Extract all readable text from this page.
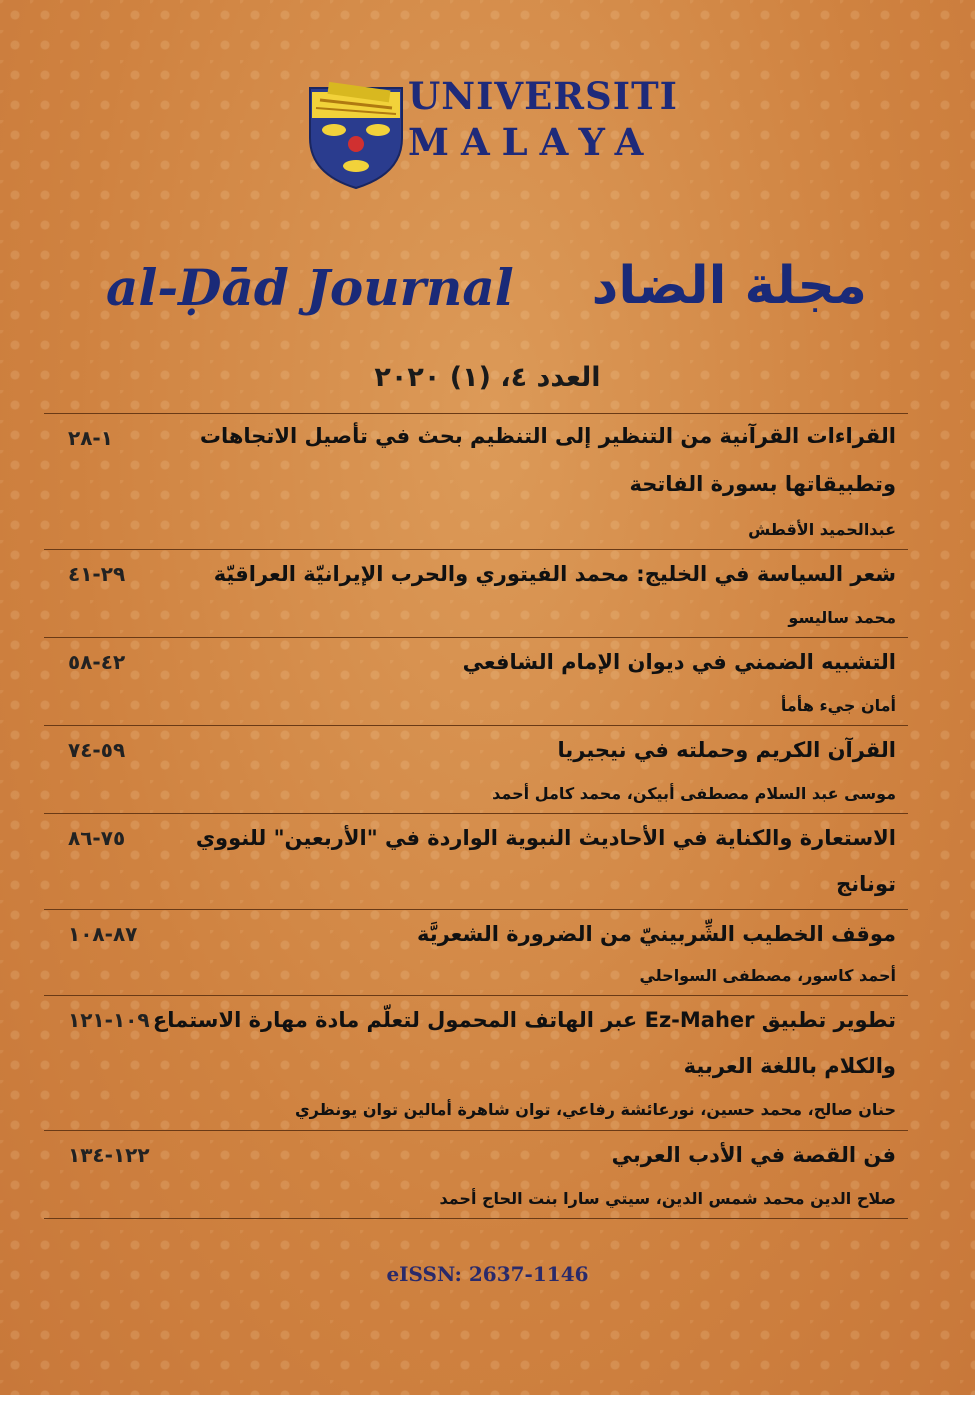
UNIVERSITI
MALAYA
مجلة الضاد
al-Ḍād Journal
العدد ٤، (١) ٢٠٢٠
١-٢٨	القراءات القرآنية من التنظير إلى التنظيم بحث في تأصيل الاتجاهات
وتطبيقاتها بسورة الفاتحة
عبدالحميد الأقطش
٢٩-٤١	شعر السياسة في الخليج: محمد الفيتوري والحرب الإيرانيّة العراقيّة
محمد ساليسو
٤٢-٥٨	التشبيه الضمني في ديوان الإمام الشافعي
أمان جيء هأمأ
٥٩-٧٤	القرآن الكريم وحملته في نيجيريا
موسى عبد السلام مصطفى أبيكن، محمد كامل أحمد
٧٥-٨٦	الاستعارة والكناية في الأحاديث النبوية الواردة في "الأربعين" للنووي
تونانج
٨٧-١٠٨	موقف الخطيب الشِّربينيّ من الضرورة الشعريَّة
أحمد كاسور، مصطفى السواحلي
١٠٩-١٢١ تطوير تطبيق Ez-Maher عبر الهاتف المحمول لتعلّم مادة مهارة الاستماع
والكلام باللغة العربية
حنان صالح، محمد حسين، نورعائشة رفاعي، توان شاهرة أمالين توان يونظري
١٢٢-١٣٤	فن القصة في الأدب العربي
صلاح الدين محمد شمس الدين، سيتي سارا بنت الحاج أحمد
eISSN: 2637-1146
